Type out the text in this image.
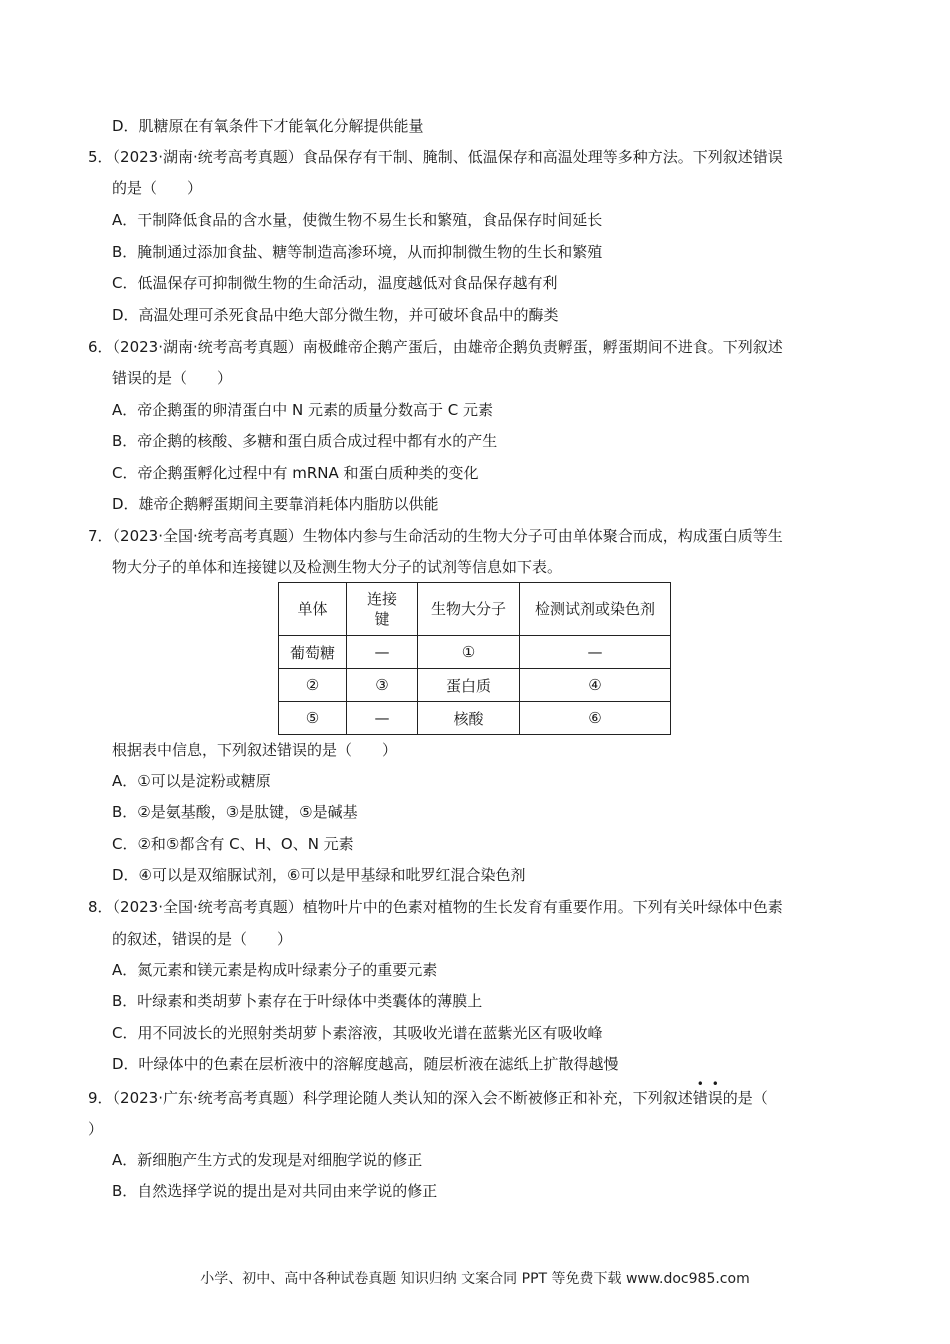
D．肌糖原在有氧条件下才能氧化分解提供能量
5．（2023·湖南·统考高考真题）食品保存有干制、腌制、低温保存和高温处理等多种方法。下列叙述错误
的是（　　）
A．干制降低食品的含水量，使微生物不易生长和繁殖，食品保存时间延长
B．腌制通过添加食盐、糖等制造高渗环境，从而抑制微生物的生长和繁殖
C．低温保存可抑制微生物的生命活动，温度越低对食品保存越有利
D．高温处理可杀死食品中绝大部分微生物，并可破坏食品中的酶类
6．（2023·湖南·统考高考真题）南极雌帝企鹅产蛋后，由雄帝企鹅负责孵蛋，孵蛋期间不进食。下列叙述
错误的是（　　）
A．帝企鹅蛋的卵清蛋白中 N 元素的质量分数高于 C 元素
B．帝企鹅的核酸、多糖和蛋白质合成过程中都有水的产生
C．帝企鹅蛋孵化过程中有 mRNA 和蛋白质种类的变化
D．雄帝企鹅孵蛋期间主要靠消耗体内脂肪以供能
7．（2023·全国·统考高考真题）生物体内参与生命活动的生物大分子可由单体聚合而成，构成蛋白质等生
物大分子的单体和连接键以及检测生物大分子的试剂等信息如下表。
单体	连接键	生物大分子	检测试剂或染色剂
葡萄糖	—	①	—
②	③	蛋白质	④
⑤	—	核酸	⑥
根据表中信息，下列叙述错误的是（　　）
A．①可以是淀粉或糖原
B．②是氨基酸，③是肽键，⑤是碱基
C．②和⑤都含有 C、H、O、N 元素
D．④可以是双缩脲试剂，⑥可以是甲基绿和吡罗红混合染色剂
8．（2023·全国·统考高考真题）植物叶片中的色素对植物的生长发育有重要作用。下列有关叶绿体中色素
的叙述，错误的是（　　）
A．氮元素和镁元素是构成叶绿素分子的重要元素
B．叶绿素和类胡萝卜素存在于叶绿体中类囊体的薄膜上
C．用不同波长的光照射类胡萝卜素溶液，其吸收光谱在蓝紫光区有吸收峰
D．叶绿体中的色素在层析液中的溶解度越高，随层析液在滤纸上扩散得越慢
9．（2023·广东·统考高考真题）科学理论随人类认知的深入会不断被修正和补充，下列叙述
•
错
•
误的是（
）
A．新细胞产生方式的发现是对细胞学说的修正
B．自然选择学说的提出是对共同由来学说的修正
小学、初中、高中各种试卷真题 知识归纳 文案合同 PPT 等免费下载 www.doc985.com
